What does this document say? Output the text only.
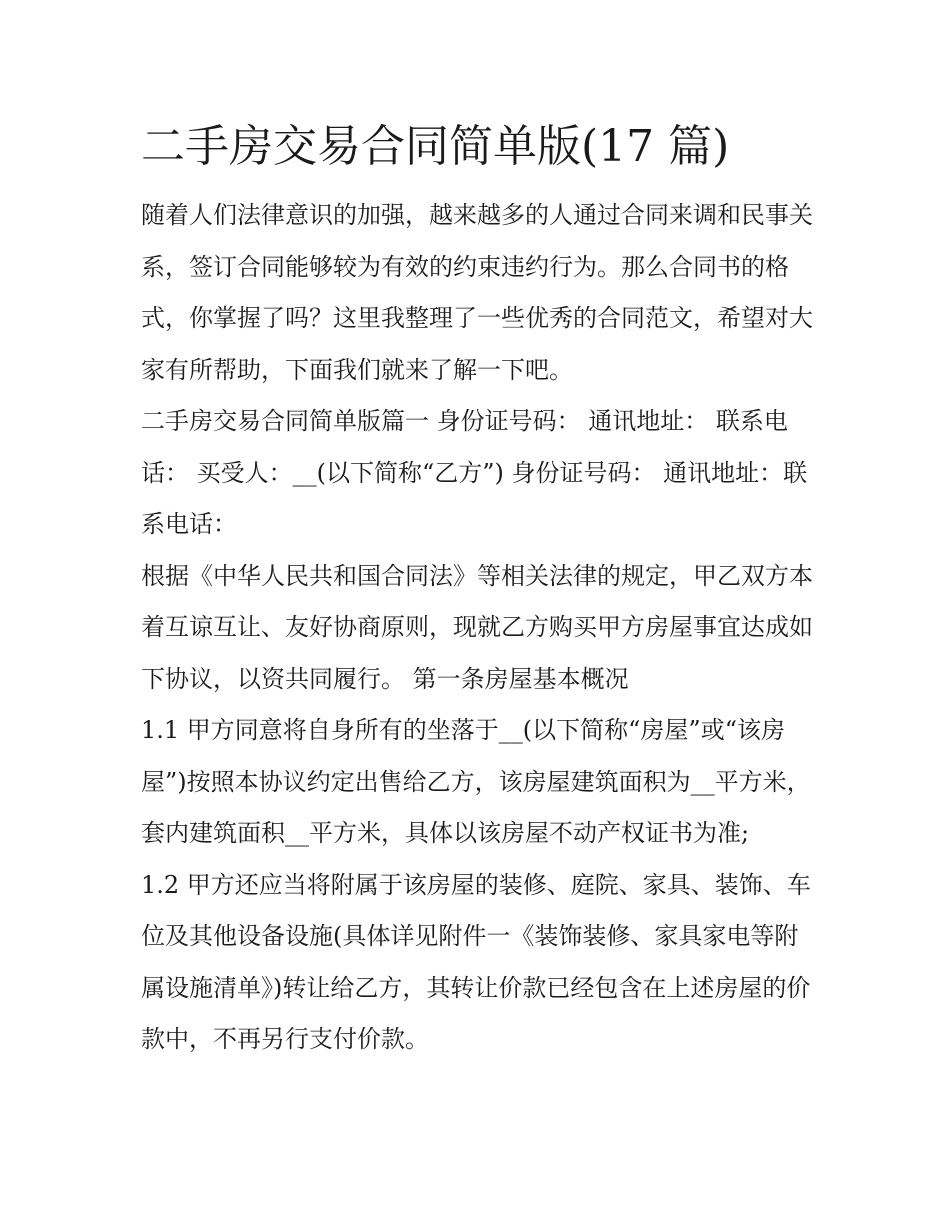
二手房交易合同简单版(17 篇)

随着人们法律意识的加强，越来越多的人通过合同来调和民事关系，签订合同能够较为有效的约束违约行为。那么合同书的格式，你掌握了吗？这里我整理了一些优秀的合同范文，希望对大家有所帮助，下面我们就来了解一下吧。

二手房交易合同简单版篇一 身份证号码： 通讯地址： 联系电话： 买受人：__(以下简称“乙方”) 身份证号码： 通讯地址：联系电话：

根据《中华人民共和国合同法》等相关法律的规定，甲乙双方本着互谅互让、友好协商原则，现就乙方购买甲方房屋事宜达成如下协议，以资共同履行。 第一条房屋基本概况

1.1 甲方同意将自身所有的坐落于__(以下简称“房屋”或“该房屋”)按照本协议约定出售给乙方，该房屋建筑面积为__平方米，套内建筑面积__平方米，具体以该房屋不动产权证书为准;

1.2 甲方还应当将附属于该房屋的装修、庭院、家具、装饰、车位及其他设备设施(具体详见附件一《装饰装修、家具家电等附属设施清单》)转让给乙方，其转让价款已经包含在上述房屋的价款中，不再另行支付价款。
